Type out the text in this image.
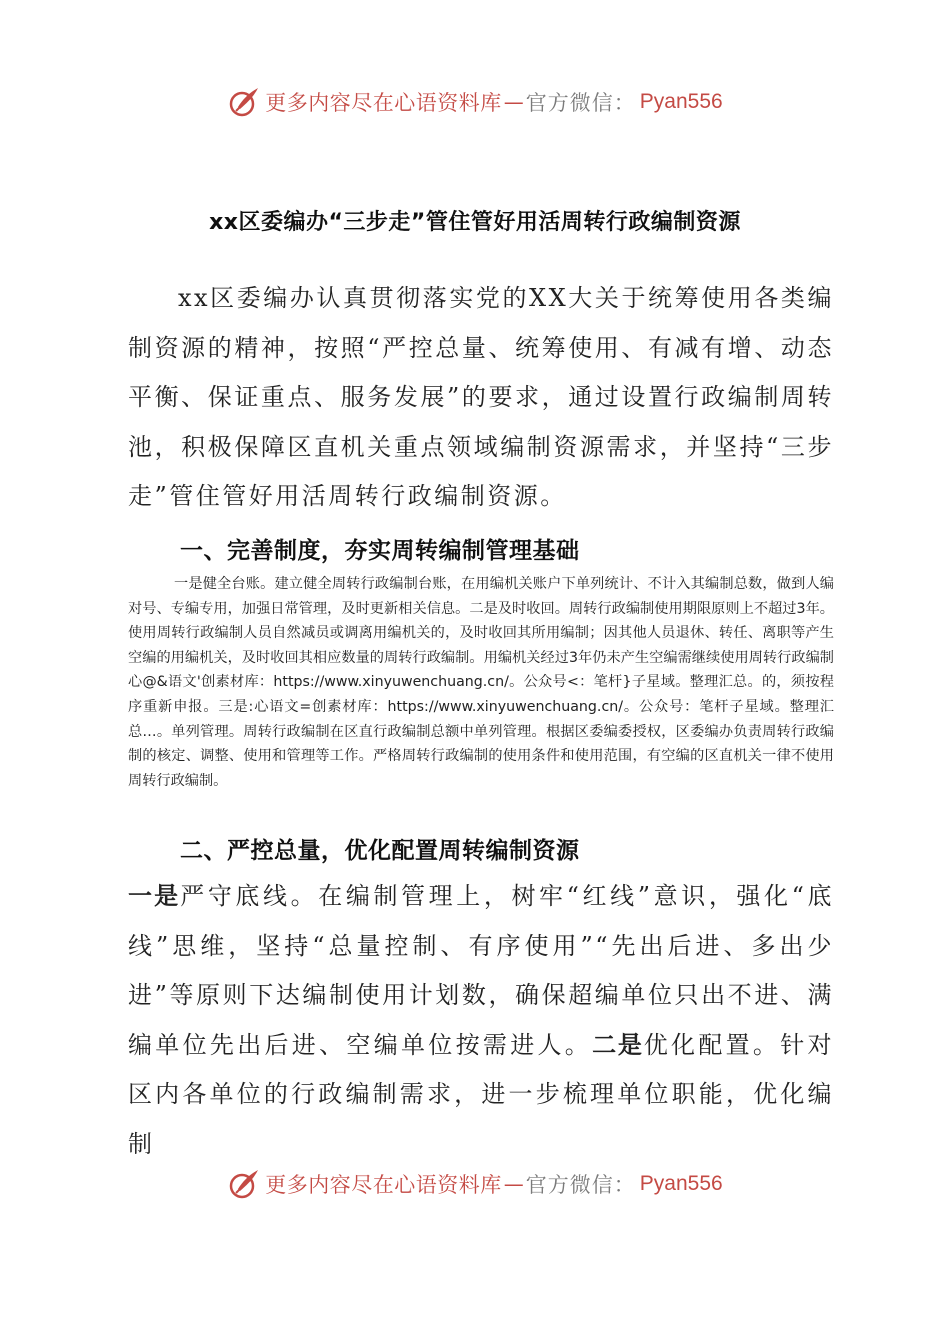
更多内容尽在心语资料库 — 官方微信： Pyan556
xx区委编办“三步走”管住管好用活周转行政编制资源

xx区委编办认真贯彻落实党的XX大关于统筹使用各类编制资源的精神，按照“严控总量、统筹使用、有减有增、动态平衡、保证重点、服务发展”的要求，通过设置行政编制周转池，积极保障区直机关重点领域编制资源需求，并坚持“三步走”管住管好用活周转行政编制资源。

一、完善制度，夯实周转编制管理基础

一是健全台账。建立健全周转行政编制台账，在用编机关账户下单列统计、不计入其编制总数，做到人编对号、专编专用，加强日常管理，及时更新相关信息。二是及时收回。周转行政编制使用期限原则上不超过3年。使用周转行政编制人员自然减员或调离用编机关的，及时收回其所用编制；因其他人员退休、转任、离职等产生空编的用编机关，及时收回其相应数量的周转行政编制。用编机关经过3年仍未产生空编需继续使用周转行政编制心@&语文'创素材库：https://www.xinyuwenchuang.cn/。公众号<：笔杆}子星域。整理汇总。的，须按程序重新申报。三是:心语文=创素材库：https://www.xinyuwenchuang.cn/。公众号：笔杆子星域。整理汇总…。单列管理。周转行政编制在区直行政编制总额中单列管理。根据区委编委授权，区委编办负责周转行政编制的核定、调整、使用和管理等工作。严格周转行政编制的使用条件和使用范围，有空编的区直机关一律不使用周转行政编制。

二、严控总量，优化配置周转编制资源

一是严守底线。在编制管理上，树牢“红线”意识，强化“底线”思维，坚持“总量控制、有序使用”“先出后进、多出少进”等原则下达编制使用计划数，确保超编单位只出不进、满编单位先出后进、空编单位按需进人。二是优化配置。针对区内各单位的行政编制需求，进一步梳理单位职能，优化编制

更多内容尽在心语资料库 — 官方微信： Pyan556
